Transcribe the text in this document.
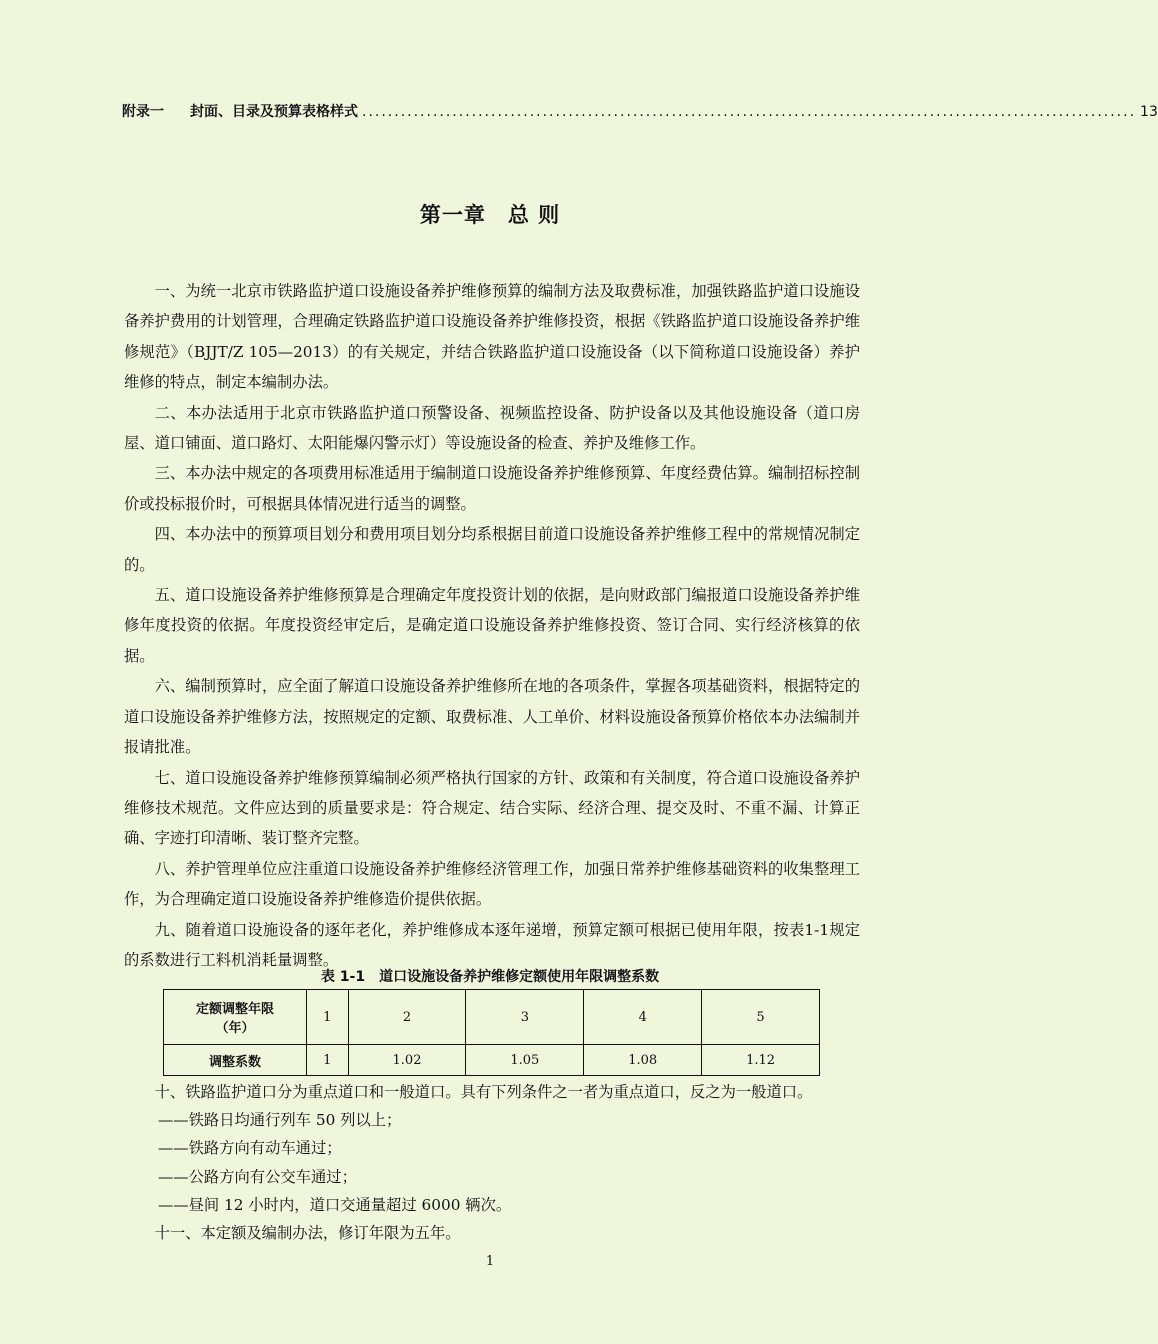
附录一 封面、目录及预算表格样式 ........................................................................................................................ 13
第一章　总 则

一、为统一北京市铁路监护道口设施设备养护维修预算的编制方法及取费标准，加强铁路监护道口设施设备养护费用的计划管理，合理确定铁路监护道口设施设备养护维修投资，根据《铁路监护道口设施设备养护维修规范》（BJJT/Z 105—2013）的有关规定，并结合铁路监护道口设施设备（以下简称道口设施设备）养护维修的特点，制定本编制办法。

二、本办法适用于北京市铁路监护道口预警设备、视频监控设备、防护设备以及其他设施设备（道口房屋、道口铺面、道口路灯、太阳能爆闪警示灯）等设施设备的检查、养护及维修工作。

三、本办法中规定的各项费用标准适用于编制道口设施设备养护维修预算、年度经费估算。编制招标控制价或投标报价时，可根据具体情况进行适当的调整。

四、本办法中的预算项目划分和费用项目划分均系根据目前道口设施设备养护维修工程中的常规情况制定的。

五、道口设施设备养护维修预算是合理确定年度投资计划的依据，是向财政部门编报道口设施设备养护维修年度投资的依据。年度投资经审定后，是确定道口设施设备养护维修投资、签订合同、实行经济核算的依据。

六、编制预算时，应全面了解道口设施设备养护维修所在地的各项条件，掌握各项基础资料，根据特定的道口设施设备养护维修方法，按照规定的定额、取费标准、人工单价、材料设施设备预算价格依本办法编制并报请批准。

七、道口设施设备养护维修预算编制必须严格执行国家的方针、政策和有关制度，符合道口设施设备养护维修技术规范。文件应达到的质量要求是：符合规定、结合实际、经济合理、提交及时、不重不漏、计算正确、字迹打印清晰、装订整齐完整。

八、养护管理单位应注重道口设施设备养护维修经济管理工作，加强日常养护维修基础资料的收集整理工作，为合理确定道口设施设备养护维修造价提供依据。

九、随着道口设施设备的逐年老化，养护维修成本逐年递增，预算定额可根据已使用年限，按表1-1规定的系数进行工料机消耗量调整。

表 1-1　道口设施设备养护维修定额使用年限调整系数
定额调整年限
（年）	1	2	3	4	5
调整系数	1	1.02	1.05	1.08	1.12

十、铁路监护道口分为重点道口和一般道口。具有下列条件之一者为重点道口，反之为一般道口。

——铁路日均通行列车 50 列以上；

——铁路方向有动车通过；

——公路方向有公交车通过；

——昼间 12 小时内，道口交通量超过 6000 辆次。

十一、本定额及编制办法，修订年限为五年。

1
